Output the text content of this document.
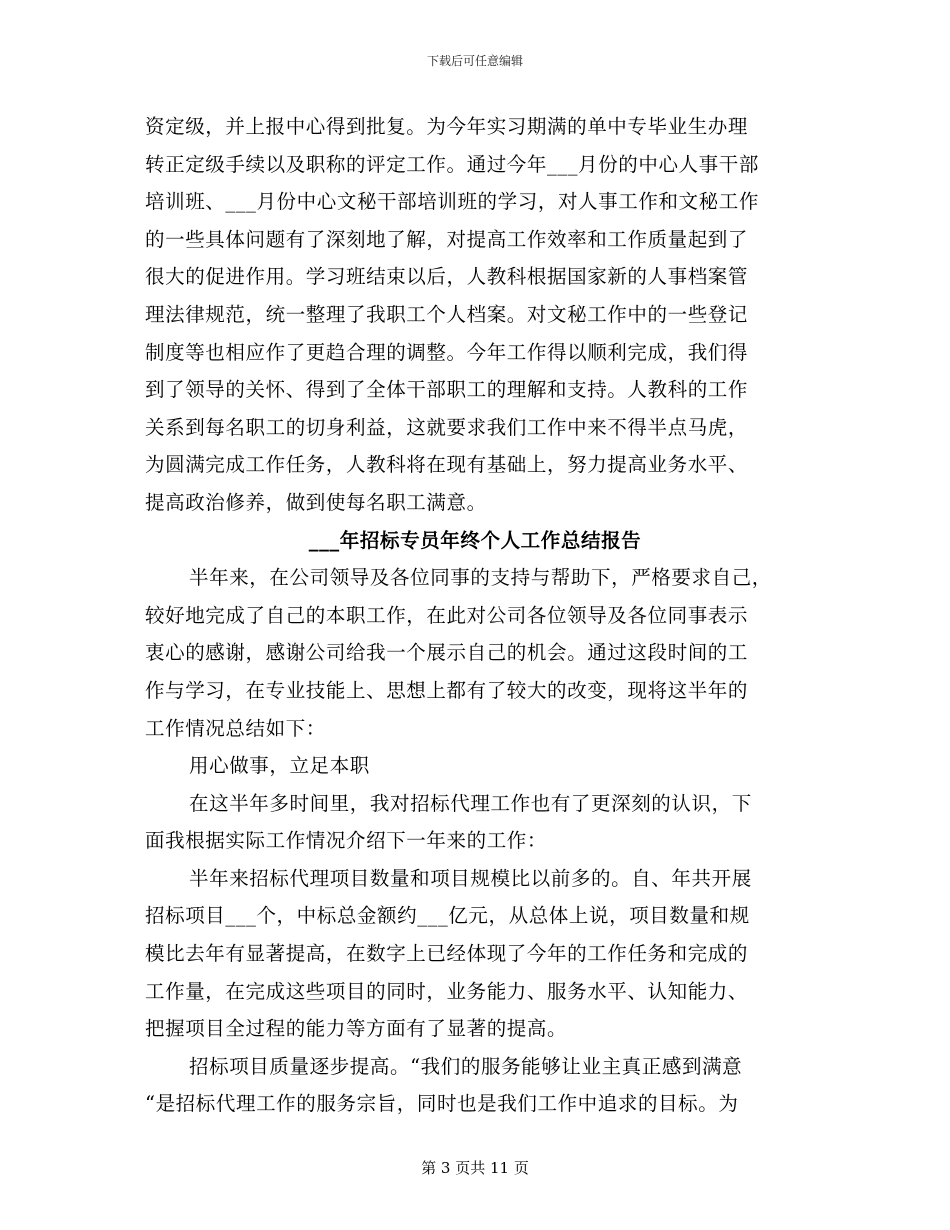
下载后可任意编辑
资定级，并上报中心得到批复。为今年实习期满的单中专毕业生办理
转正定级手续以及职称的评定工作。通过今年___月份的中心人事干部
培训班、___月份中心文秘干部培训班的学习，对人事工作和文秘工作
的一些具体问题有了深刻地了解，对提高工作效率和工作质量起到了
很大的促进作用。学习班结束以后，人教科根据国家新的人事档案管
理法律规范，统一整理了我职工个人档案。对文秘工作中的一些登记
制度等也相应作了更趋合理的调整。今年工作得以顺利完成，我们得
到了领导的关怀、得到了全体干部职工的理解和支持。人教科的工作
关系到每名职工的切身利益，这就要求我们工作中来不得半点马虎，
为圆满完成工作任务，人教科将在现有基础上，努力提高业务水平、
提高政治修养，做到使每名职工满意。
___年招标专员年终个人工作总结报告
半年来，在公司领导及各位同事的支持与帮助下，严格要求自己，
较好地完成了自己的本职工作，在此对公司各位领导及各位同事表示
衷心的感谢，感谢公司给我一个展示自己的机会。通过这段时间的工
作与学习，在专业技能上、思想上都有了较大的改变，现将这半年的
工作情况总结如下：
用心做事，立足本职
在这半年多时间里，我对招标代理工作也有了更深刻的认识，下
面我根据实际工作情况介绍下一年来的工作：
半年来招标代理项目数量和项目规模比以前多的。自、年共开展
招标项目___个，中标总金额约___亿元，从总体上说，项目数量和规
模比去年有显著提高，在数字上已经体现了今年的工作任务和完成的
工作量，在完成这些项目的同时，业务能力、服务水平、认知能力、
把握项目全过程的能力等方面有了显著的提高。
招标项目质量逐步提高。“我们的服务能够让业主真正感到满意
“是招标代理工作的服务宗旨，同时也是我们工作中追求的目标。为
第 3 页共 11 页
